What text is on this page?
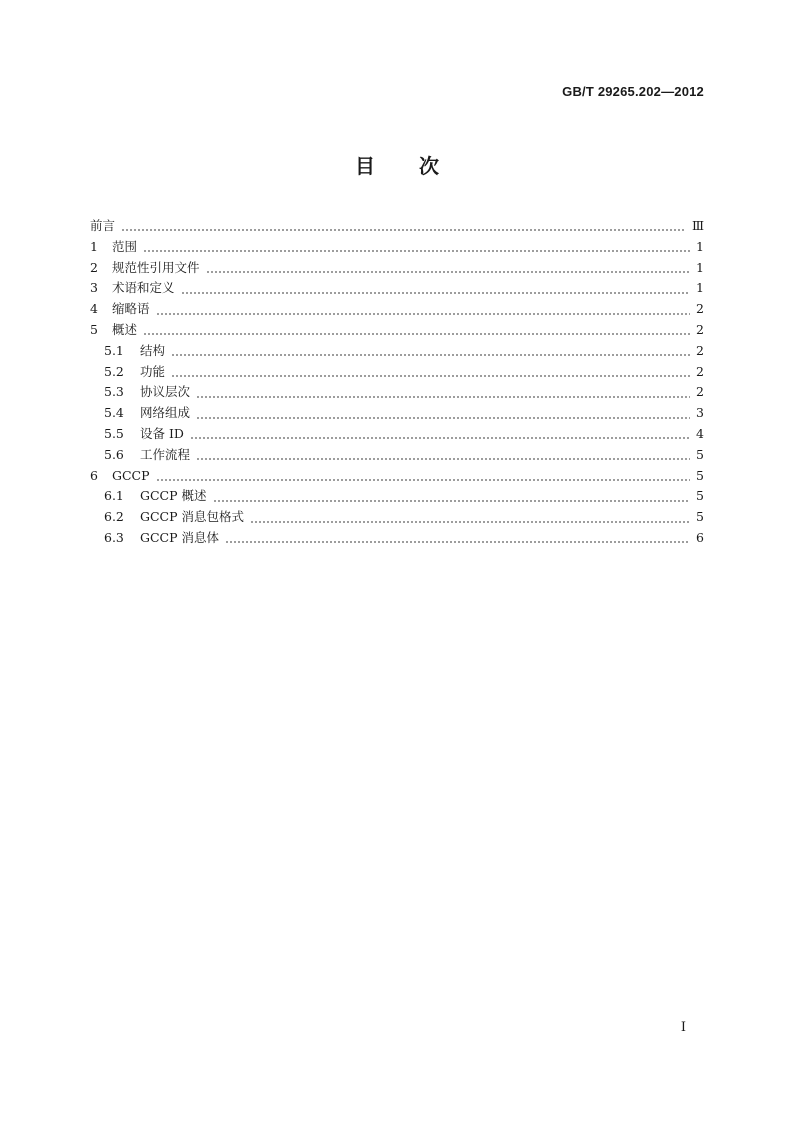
GB/T 29265.202—2012
目 次
前言	Ⅲ
1	范围	1
2	规范性引用文件	1
3	术语和定义	1
4	缩略语	2
5	概述	2
5.1	结构	2
5.2	功能	2
5.3	协议层次	2
5.4	网络组成	3
5.5	设备 ID	4
5.6	工作流程	5
6	GCCP	5
6.1	GCCP 概述	5
6.2	GCCP 消息包格式	5
6.3	GCCP 消息体	6
I
